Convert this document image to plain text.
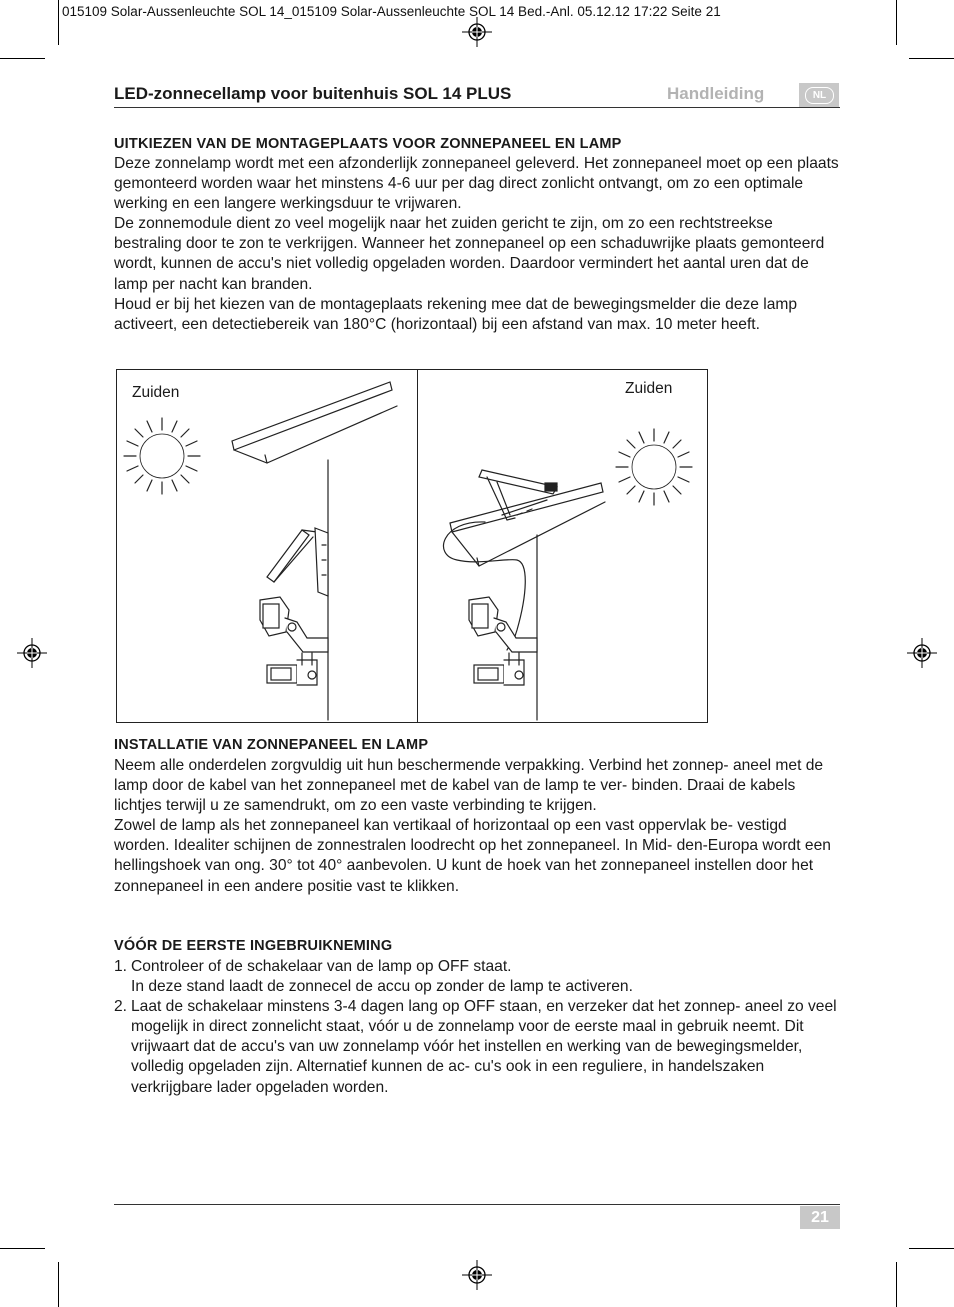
015109 Solar-Aussenleuchte SOL 14_015109 Solar-Aussenleuchte SOL 14 Bed.-Anl. 05.12.12 17:22 Seite 21
LED-zonnecellamp voor buitenhuis SOL 14 PLUS	Handleiding	NL
UITKIEZEN VAN DE MONTAGEPLAATS VOOR ZONNEPANEEL EN LAMP

Deze zonnelamp wordt met een afzonderlijk zonnepaneel geleverd. Het zonnepaneel moet op een plaats gemonteerd worden waar het minstens 4-6 uur per dag direct zonlicht ontvangt, om zo een optimale werking en een langere werkingsduur te vrijwaren.

De zonnemodule dient zo veel mogelijk naar het zuiden gericht te zijn, om zo een rechtstreekse bestraling door te zon te verkrijgen. Wanneer het zonnepaneel op een schaduwrijke plaats gemonteerd wordt, kunnen de accu's niet volledig opgeladen worden. Daardoor vermindert het aantal uren dat de lamp per nacht kan branden.

Houd er bij het kiezen van de montageplaats rekening mee dat de bewegingsmelder die deze lamp activeert, een detectiebereik van 180°C (horizontaal) bij een afstand van max. 10 meter heeft.

Zuiden	Zuiden
INSTALLATIE VAN ZONNEPANEEL EN LAMP

Neem alle onderdelen zorgvuldig uit hun beschermende verpakking. Verbind het zonnep- aneel met de lamp door de kabel van het zonnepaneel met de kabel van de lamp te ver- binden. Draai de kabels lichtjes terwijl u ze samendrukt, om zo een vaste verbinding te krijgen.

Zowel de lamp als het zonnepaneel kan vertikaal of horizontaal op een vast oppervlak be- vestigd worden. Idealiter schijnen de zonnestralen loodrecht op het zonnepaneel. In Mid- den-Europa wordt een hellingshoek van ong. 30° tot 40° aanbevolen. U kunt de hoek van het zonnepaneel instellen door het zonnepaneel in een andere positie vast te klikken.

VÓÓR DE EERSTE INGEBRUIKNEMING
1. Controleer of de schakelaar van de lamp op OFF staat.
In deze stand laadt de zonnecel de accu op zonder de lamp te activeren.
2. Laat de schakelaar minstens 3-4 dagen lang op OFF staan, en verzeker dat het zonnep- aneel zo veel mogelijk in direct zonnelicht staat, vóór u de zonnelamp voor de eerste maal in gebruik neemt. Dit vrijwaart dat de accu's van uw zonnelamp vóór het instellen en werking van de bewegingsmelder, volledig opgeladen zijn. Alternatief kunnen de ac- cu's ook in een reguliere, in handelszaken verkrijgbare lader opgeladen worden.
21
